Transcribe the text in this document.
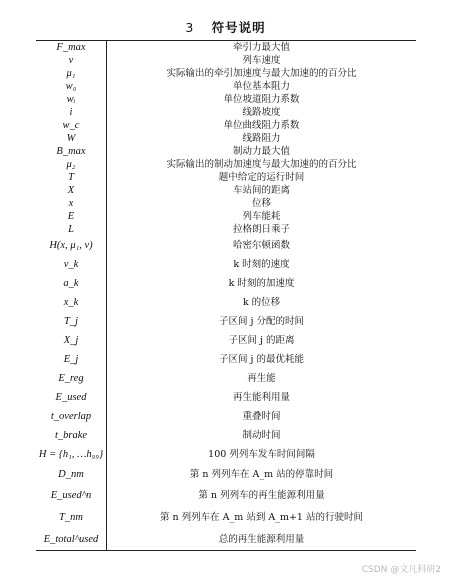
3 符号说明
F_max	牵引力最大值
v	列车速度
μ₁	实际输出的牵引加速度与最大加速的的百分比
w₀	单位基本阻力
wᵢ	单位坡道阻力系数
i	线路坡度
w_c	单位曲线阻力系数
W	线路阻力
B_max	制动力最大值
μ₂	实际输出的制动加速度与最大加速的的百分比
T	题中给定的运行时间
X	车站间的距离
x	位移
E	列车能耗
L	拉格朗日乘子
H(x, μ₁, v)	哈密尔顿函数
v_k	k 时刻的速度
a_k	k 时刻的加速度
x_k	k 的位移
T_j	子区间 j 分配的时间
X_j	子区间 j 的距离
E_j	子区间 j 的最优耗能
E_reg	再生能
E_used	再生能利用量
t_overlap	重叠时间
t_brake	制动时间
H = {h₁, …h₉₉}	100 列列车发车时间间隔
D_nm	第 n 列列车在 A_m 站的停靠时间
E_used^n	第 n 列列车的再生能源利用量
T_nm	第 n 列列车在 A_m 站到 A_m+1 站的行驶时间
E_total^used	总的再生能源利用量
CSDN @文凡科研2
